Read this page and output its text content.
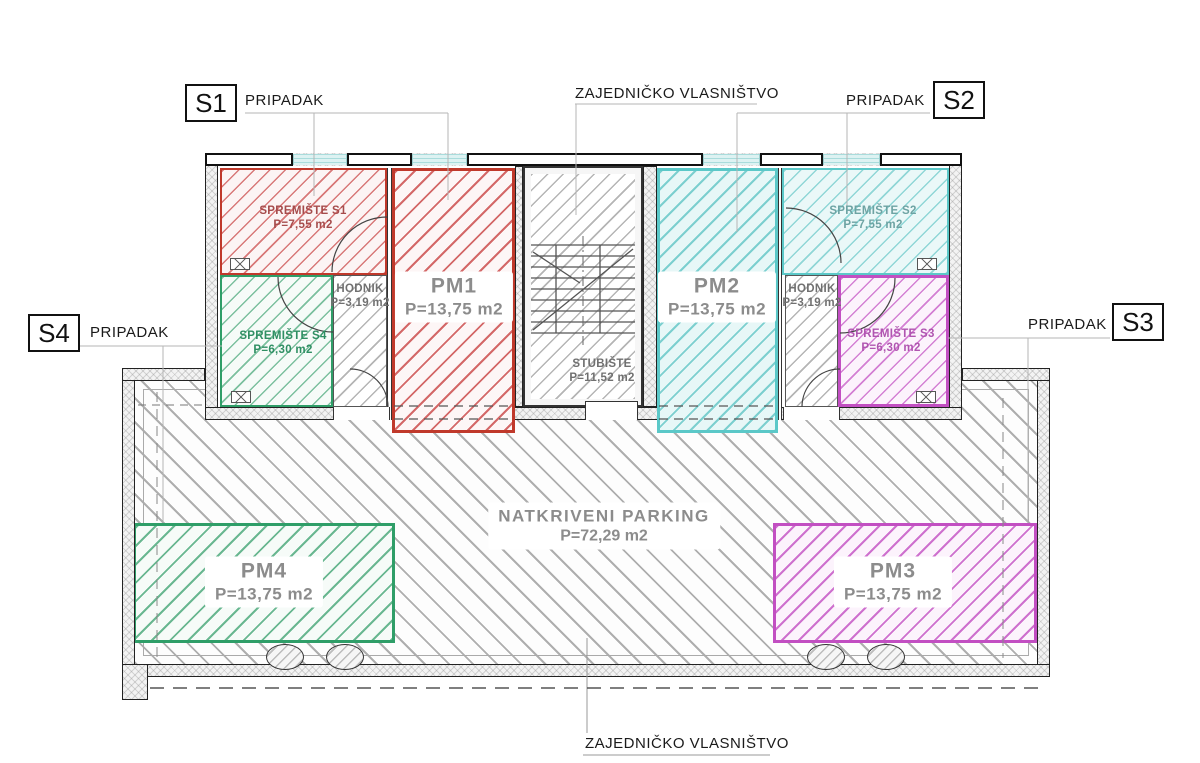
SPREMIŠTE S1
P=7,55 m2
SPREMIŠTE S4
P=6,30 m2
HODNIK
P=3,19 m2
STUBIŠTE
P=11,52 m2
SPREMIŠTE S2
P=7,55 m2
HODNIK
P=3,19 m2
SPREMIŠTE S3
P=6,30 m2
PM1
P=13,75 m2
PM2
P=13,75 m2
PM4
P=13,75 m2
PM3
P=13,75 m2
NATKRIVENI PARKING
P=72,29 m2
S1	PRIPADAK	ZAJEDNIČKO VLASNIŠTVO	PRIPADAK S2
S4	PRIPADAK	PRIPADAK S3
ZAJEDNIČKO VLASNIŠTVO
